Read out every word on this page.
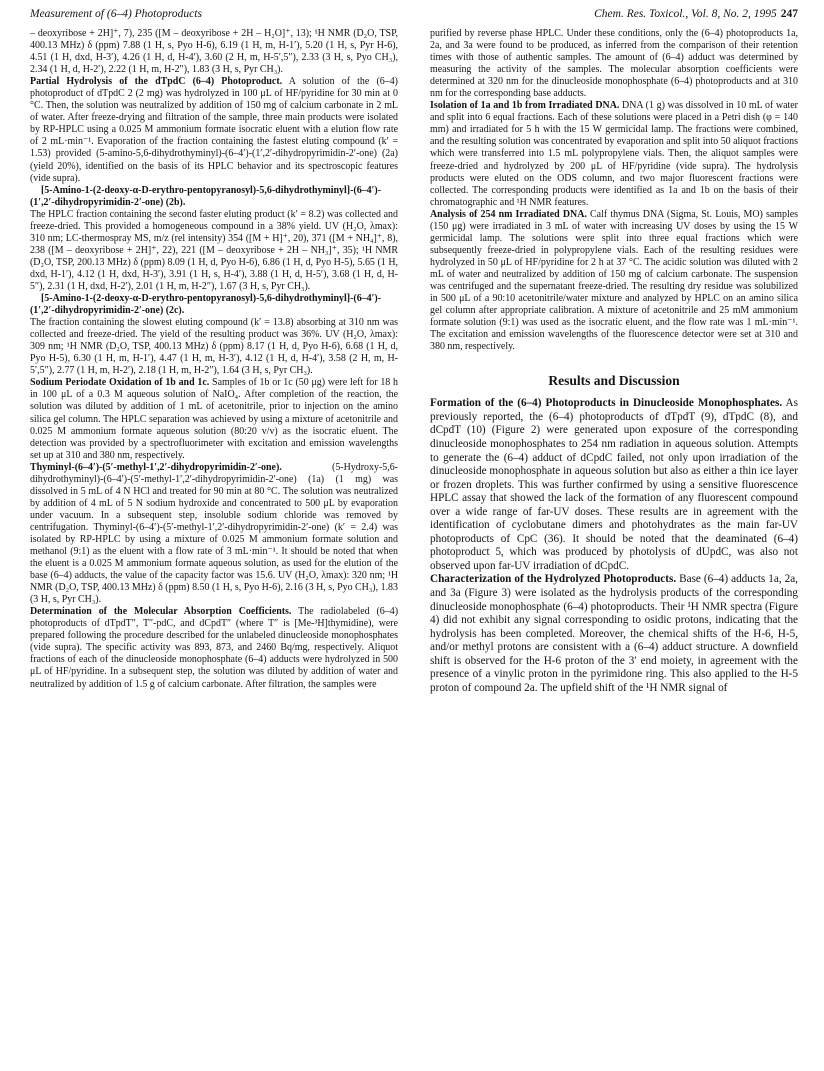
Measurement of (6–4) Photoproducts	Chem. Res. Toxicol., Vol. 8, No. 2, 1995 247

– deoxyribose + 2H]⁺, 7), 235 ([M – deoxyribose + 2H – H₂O]⁺, 13); ¹H NMR (D₂O, TSP, 400.13 MHz) δ (ppm) 7.88 (1 H, s, Pyo H-6), 6.19 (1 H, m, H-1′), 5.20 (1 H, s, Pyr H-6), 4.51 (1 H, dxd, H-3′), 4.26 (1 H, d, H-4′), 3.60 (2 H, m, H-5′,5″), 2.33 (3 H, s, Pyo CH₃), 2.34 (1 H, d, H-2′), 2.22 (1 H, m, H-2″), 1.83 (3 H, s, Pyr CH₃).

Partial Hydrolysis of the dTpdC (6–4) Photoproduct. A solution of the (6–4) photoproduct of dTpdC 2 (2 mg) was hydrolyzed in 100 μL of HF/pyridine for 30 min at 0 °C. Then, the solution was neutralized by addition of 150 mg of calcium carbonate in 2 mL of water. After freeze-drying and filtration of the sample, three main products were isolated by RP-HPLC using a 0.025 M ammonium formate isocratic eluent with a elution flow rate of 2 mL·min⁻¹. Evaporation of the fraction containing the fastest eluting compound (k′ = 1.53) provided (5-amino-5,6-dihydrothyminyl)-(6–4′)-(1′,2′-dihydropyrimidin-2′-one) (2a) (yield 20%), identified on the basis of its HPLC behavior and its spectroscopic features (vide supra).

[5-Amino-1-(2-deoxy-α-D-erythro-pentopyranosyl)-5,6-dihydrothyminyl]-(6–4′)-(1′,2′-dihydropyrimidin-2′-one) (2b).
The HPLC fraction containing the second faster eluting product (k′ = 8.2) was collected and freeze-dried. This provided a homogeneous compound in a 38% yield. UV (H₂O, λmax): 310 nm; LC-thermospray MS, m/z (rel intensity) 354 ([M + H]⁺, 20), 371 ([M + NH₄]⁺, 8), 238 ([M – deoxyribose + 2H]⁺, 22), 221 ([M – deoxyribose + 2H – NH₃]⁺, 35); ¹H NMR (D₂O, TSP, 200.13 MHz) δ (ppm) 8.09 (1 H, d, Pyo H-6), 6.86 (1 H, d, Pyo H-5), 5.65 (1 H, dxd, H-1′), 4.12 (1 H, dxd, H-3′), 3.91 (1 H, s, H-4′), 3.88 (1 H, d, H-5′), 3.68 (1 H, d, H-5″), 2.31 (1 H, dxd, H-2′), 2.01 (1 H, m, H-2″), 1.67 (3 H, s, Pyr CH₃).

[5-Amino-1-(2-deoxy-α-D-erythro-pentopyranosyl)-5,6-dihydrothyminyl]-(6–4′)-(1′,2′-dihydropyrimidin-2′-one) (2c).
The fraction containing the slowest eluting compound (k′ = 13.8) absorbing at 310 nm was collected and freeze-dried. The yield of the resulting product was 36%. UV (H₂O, λmax): 309 nm; ¹H NMR (D₂O, TSP, 400.13 MHz) δ (ppm) 8.17 (1 H, d, Pyo H-6), 6.68 (1 H, d, Pyo H-5), 6.30 (1 H, m, H-1′), 4.47 (1 H, m, H-3′), 4.12 (1 H, d, H-4′), 3.58 (2 H, m, H-5′,5″), 2.77 (1 H, m, H-2′), 2.18 (1 H, m, H-2″), 1.64 (3 H, s, Pyr CH₃).

Sodium Periodate Oxidation of 1b and 1c. Samples of 1b or 1c (50 μg) were left for 18 h in 100 μL of a 0.3 M aqueous solution of NaIO₄. After completion of the reaction, the solution was diluted by addition of 1 mL of acetonitrile, prior to injection on the amino silica gel column. The HPLC separation was achieved by using a mixture of acetonitrile and 0.025 M ammonium formate aqueous solution (80:20 v/v) as the isocratic eluent. The detection was provided by a spectrofluorimeter with excitation and emission wavelengths set up at 310 and 380 nm, respectively.

Thyminyl-(6–4′)-(5′-methyl-1′,2′-dihydropyrimidin-2′-one). (5-Hydroxy-5,6-dihydrothyminyl)-(6–4′)-(5′-methyl-1′,2′-dihydropyrimidin-2′-one) (1a) (1 mg) was dissolved in 5 mL of 4 N HCl and treated for 90 min at 80 °C. The solution was neutralized by addition of 4 mL of 5 N sodium hydroxide and concentrated to 500 μL by evaporation under vacuum. In a subsequent step, insoluble sodium chloride was removed by centrifugation. Thyminyl-(6–4′)-(5′-methyl-1′,2′-dihydropyrimidin-2′-one) (k′ = 2.4) was isolated by RP-HPLC by using a mixture of 0.025 M ammonium formate solution and methanol (9:1) as the eluent with a flow rate of 3 mL·min⁻¹. It should be noted that when the eluent is a 0.025 M ammonium formate aqueous solution, as used for the elution of the base (6–4) adducts, the value of the capacity factor was 15.6. UV (H₂O, λmax): 320 nm; ¹H NMR (D₂O, TSP, 400.13 MHz) δ (ppm) 8.50 (1 H, s, Pyo H-6), 2.16 (3 H, s, Pyo CH₃), 1.83 (3 H, s, Pyr CH₃).

Determination of the Molecular Absorption Coefficients. The radiolabeled (6–4) photoproducts of dTpdT″, T″-pdC, and dCpdT″ (where T″ is [Me-³H]thymidine), were prepared following the procedure described for the unlabeled dinucleoside monophosphates (vide supra). The specific activity was 893, 873, and 2460 Bq/mg, respectively. Aliquot fractions of each of the dinucleoside monophosphate (6–4) adducts were hydrolyzed in 500 μL of HF/pyridine. In a subsequent step, the solution was diluted by addition of water and neutralized by addition of 1.5 g of calcium carbonate. After filtration, the samples were

purified by reverse phase HPLC. Under these conditions, only the (6–4) photoproducts 1a, 2a, and 3a were found to be produced, as inferred from the comparison of their retention times with those of authentic samples. The amount of (6–4) adduct was determined by measuring the activity of the samples. The molecular absorption coefficients were determined at 320 nm for the dinucleoside monophosphate (6–4) photoproducts and at 310 nm for the corresponding base adducts.

Isolation of 1a and 1b from Irradiated DNA. DNA (1 g) was dissolved in 10 mL of water and split into 6 equal fractions. Each of these solutions were placed in a Petri dish (φ = 140 mm) and irradiated for 5 h with the 15 W germicidal lamp. The fractions were combined, and the resulting solution was concentrated by evaporation and split into 50 aliquot fractions which were transferred into 1.5 mL polypropylene vials. Then, the aliquot samples were freeze-dried and hydrolyzed by 200 μL of HF/pyridine (vide supra). The hydrolysis products were eluted on the ODS column, and two major fluorescent fractions were collected. The corresponding products were identified as 1a and 1b on the basis of their chromatographic and ¹H NMR features.

Analysis of 254 nm Irradiated DNA. Calf thymus DNA (Sigma, St. Louis, MO) samples (150 μg) were irradiated in 3 mL of water with increasing UV doses by using the 15 W germicidal lamp. The solutions were split into three equal fractions which were subsequently freeze-dried in polypropylene vials. Each of the resulting residues were hydrolyzed in 50 μL of HF/pyridine for 2 h at 37 °C. The acidic solution was diluted with 2 mL of water and neutralized by addition of 150 mg of calcium carbonate. The suspension was centrifuged and the supernatant freeze-dried. The resulting dry residue was solubilized in 500 μL of a 90:10 acetonitrile/water mixture and analyzed by HPLC on an amino silica gel column after appropriate calibration. A mixture of acetonitrile and 25 mM ammonium formate solution (9:1) was used as the isocratic eluent, and the flow rate was 1 mL·min⁻¹. The excitation and emission wavelengths of the fluorescence detector were set at 310 and 380 nm, respectively.

Results and Discussion

Formation of the (6–4) Photoproducts in Dinucleoside Monophosphates. As previously reported, the (6–4) photoproducts of dTpdT (9), dTpdC (8), and dCpdT (10) (Figure 2) were generated upon exposure of the corresponding dinucleoside monophosphates to 254 nm radiation in aqueous solution. Attempts to generate the (6–4) adduct of dCpdC failed, not only upon irradiation of the dinucleoside monophosphate in aqueous solution but also as either a thin ice layer or frozen droplets. This was further confirmed by using a sensitive fluorescence HPLC assay that showed the lack of the formation of any fluorescent compound over a wide range of far-UV doses. These results are in agreement with the identification of cyclobutane dimers and photohydrates as the main far-UV photoproducts of CpC (36). It should be noted that the deaminated (6–4) photoproduct 5, which was produced by photolysis of dUpdC, was also not observed upon far-UV irradiation of dCpdC.

Characterization of the Hydrolyzed Photoproducts. Base (6–4) adducts 1a, 2a, and 3a (Figure 3) were isolated as the hydrolysis products of the corresponding dinucleoside monophosphate (6–4) photoproducts. Their ¹H NMR spectra (Figure 4) did not exhibit any signal corresponding to osidic protons, indicating that the hydrolysis has been completed. Moreover, the chemical shifts of the H-6, H-5, and/or methyl protons are consistent with a (6–4) adduct structure. A downfield shift is observed for the H-6 proton of the 3′ end moiety, in agreement with the presence of a vinylic proton in the pyrimidone ring. This also applied to the H-5 proton of compound 2a. The upfield shift of the ¹H NMR signal of
